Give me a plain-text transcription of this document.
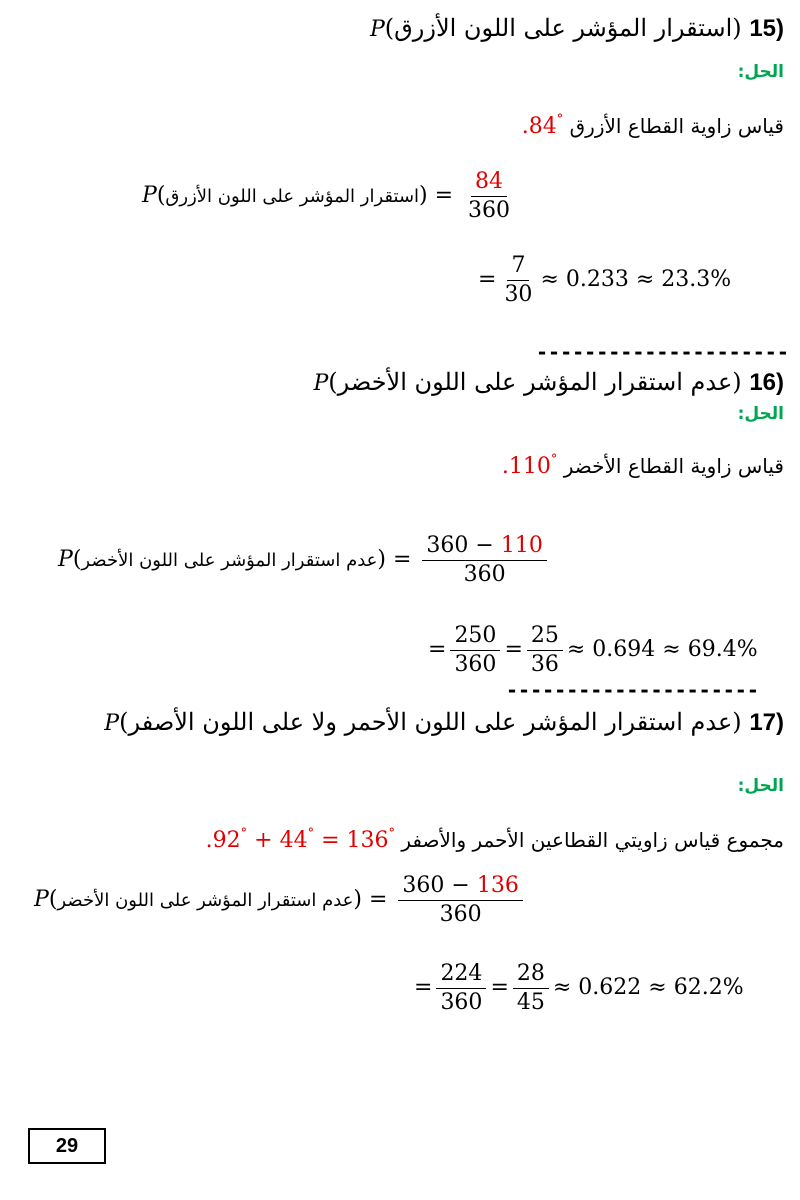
P(استقرار المؤشر على اللون الأزرق) 15)
الحل:
.84° قياس زاوية القطاع الأزرق
P(استقرار المؤشر على اللون الأزرق) = $\frac{84}{360}$
= $\frac{7}{30} \approx 0.233 \approx 23.3\%$
---------------------
P(عدم استقرار المؤشر على اللون الأخضر) 16)
الحل:
.110° قياس زاوية القطاع الأخضر
P(عدم استقرار المؤشر على اللون الأخضر) = $\frac{360 - 110}{360}$
= $\frac{250}{360} = \frac{25}{36} \approx 0.694 \approx 69.4\%$
---------------------
P(عدم استقرار المؤشر على اللون الأحمر ولا على اللون الأصفر) 17)
الحل:
.92° + 44° = 136° مجموع قياس زاويتي القطاعين الأحمر والأصفر
P(عدم استقرار المؤشر على اللون الأخضر) = $\frac{360 - 136}{360}$
= $\frac{224}{360} = \frac{28}{45} \approx 0.622 \approx 62.2\%$
29
